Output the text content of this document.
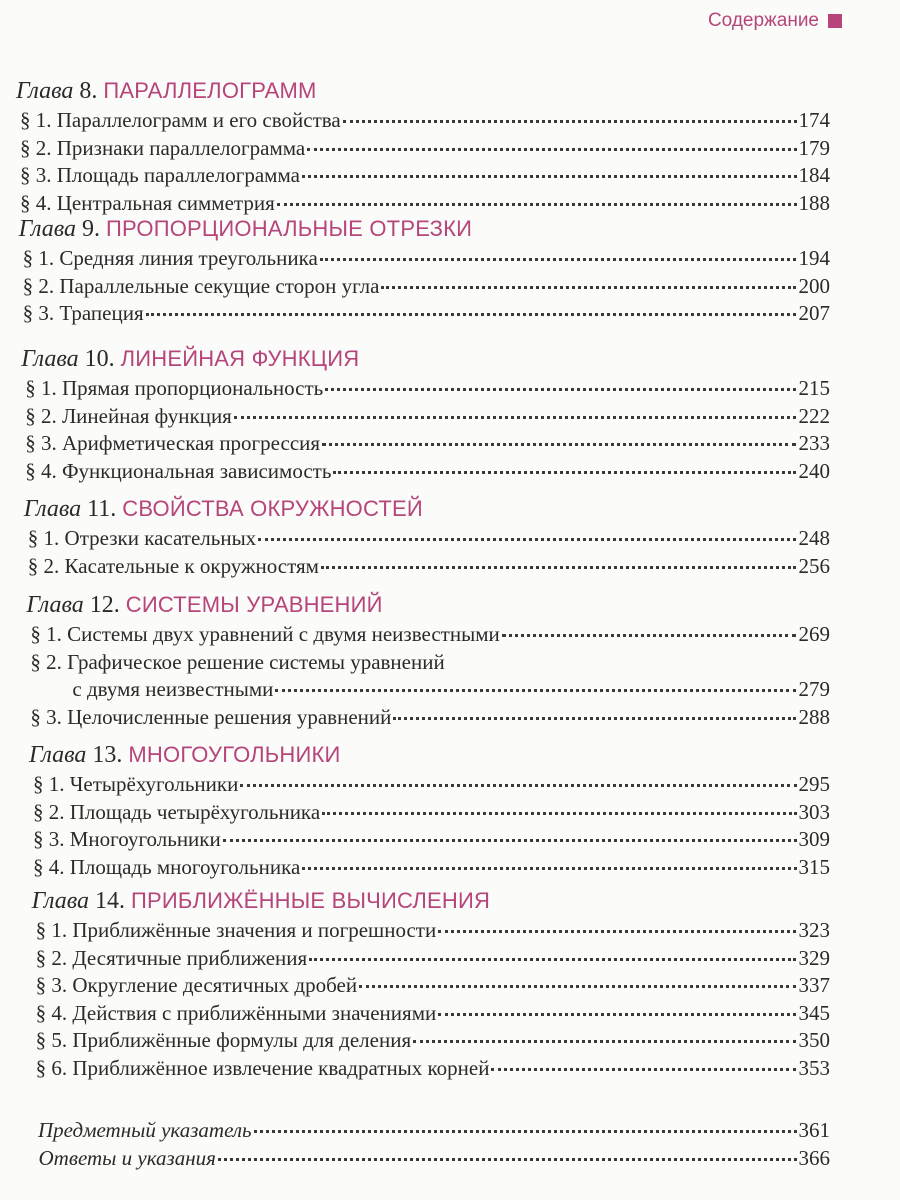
Содержание
Глава 8. ПАРАЛЛЕЛОГРАММ
§ 1. Параллелограмм и его свойства	174
§ 2. Признаки параллелограмма	179
§ 3. Площадь параллелограмма	184
§ 4. Центральная симметрия	188
Глава 9. ПРОПОРЦИОНАЛЬНЫЕ ОТРЕЗКИ
§ 1. Средняя линия треугольника	194
§ 2. Параллельные секущие сторон угла	200
§ 3. Трапеция	207
Глава 10. ЛИНЕЙНАЯ ФУНКЦИЯ
§ 1. Прямая пропорциональность	215
§ 2. Линейная функция	222
§ 3. Арифметическая прогрессия	233
§ 4. Функциональная зависимость	240
Глава 11. СВОЙСТВА ОКРУЖНОСТЕЙ
§ 1. Отрезки касательных	248
§ 2. Касательные к окружностям	256
Глава 12. СИСТЕМЫ УРАВНЕНИЙ
§ 1. Системы двух уравнений с двумя неизвестными	269
§ 2. Графическое решение системы уравнений
с двумя неизвестными	279
§ 3. Целочисленные решения уравнений	288
Глава 13. МНОГОУГОЛЬНИКИ
§ 1. Четырёхугольники	295
§ 2. Площадь четырёхугольника	303
§ 3. Многоугольники	309
§ 4. Площадь многоугольника	315
Глава 14. ПРИБЛИЖЁННЫЕ ВЫЧИСЛЕНИЯ
§ 1. Приближённые значения и погрешности	323
§ 2. Десятичные приближения	329
§ 3. Округление десятичных дробей	337
§ 4. Действия с приближёнными значениями	345
§ 5. Приближённые формулы для деления	350
§ 6. Приближённое извлечение квадратных корней	353
Предметный указатель	361
Ответы и указания	366
